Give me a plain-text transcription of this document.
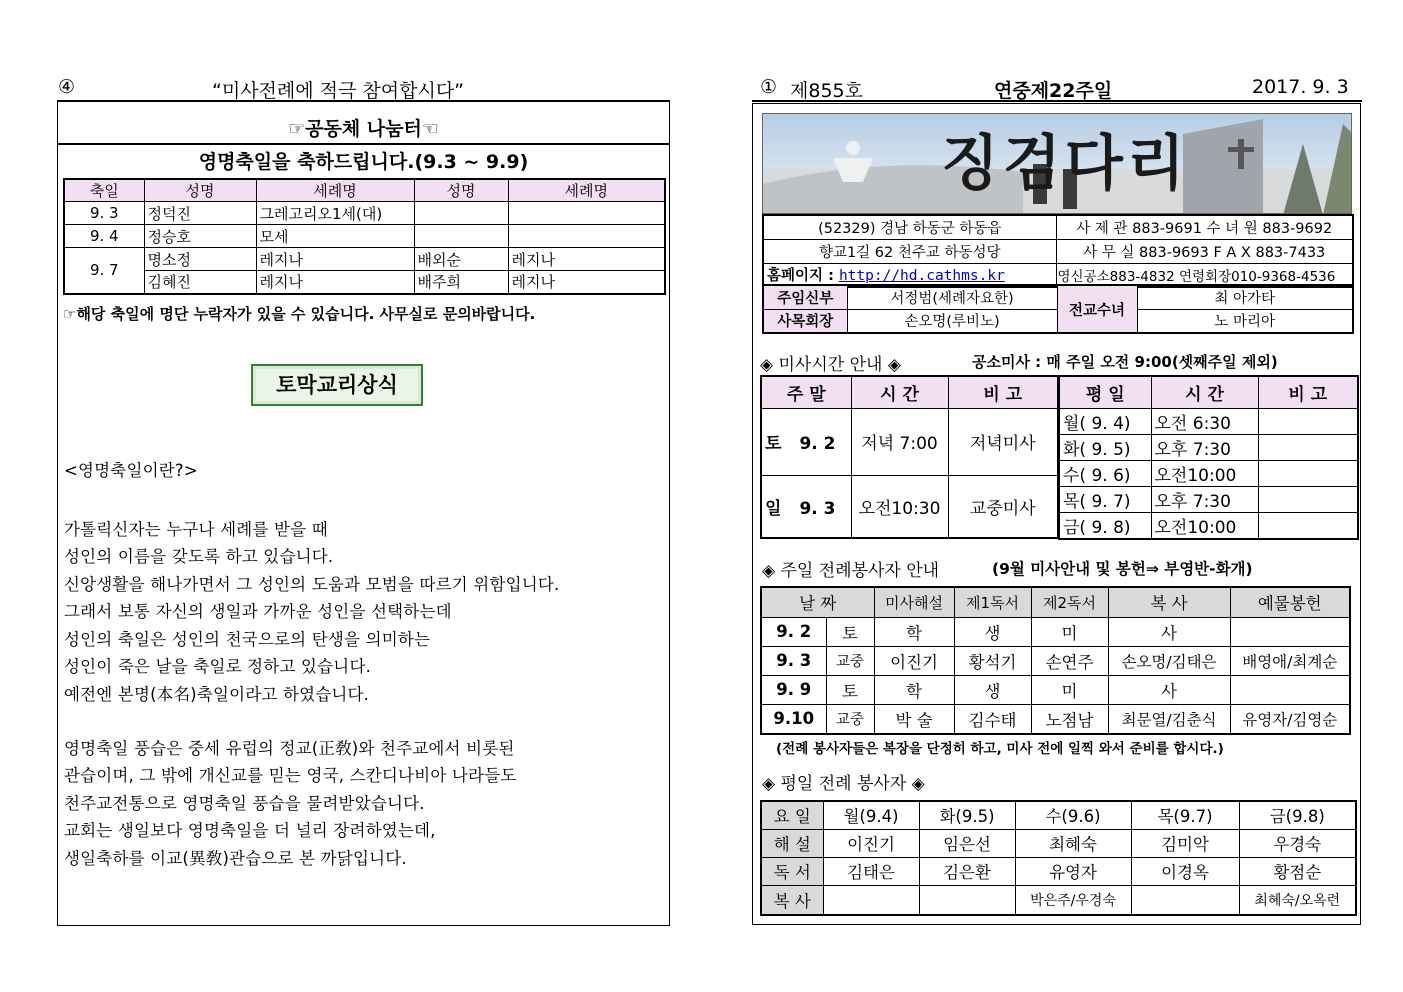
④	“미사전례에 적극 참여합시다”
☞공동체 나눔터☜
영명축일을 축하드립니다.(9.3 ~ 9.9)
축일	성명	세례명	성명	세례명
9. 3	정덕진	그레고리오1세(대)		
9. 4	정승호	모세		
9. 7	명소정	레지나	배외순	레지나
	김혜진	레지나	배주희	레지나
☞해당 축일에 명단 누락자가 있을 수 있습니다. 사무실로 문의바랍니다.
토막교리상식
<영명축일이란?>
가톨릭신자는 누구나 세례를 받을 때
성인의 이름을 갖도록 하고 있습니다.
신앙생활을 해나가면서 그 성인의 도움과 모범을 따르기 위함입니다.
그래서 보통 자신의 생일과 가까운 성인을 선택하는데
성인의 축일은 성인의 천국으로의 탄생을 의미하는
성인이 죽은 날을 축일로 정하고 있습니다.
예전엔 본명(本名)축일이라고 하였습니다.
영명축일 풍습은 중세 유럽의 정교(正敎)와 천주교에서 비롯된
관습이며, 그 밖에 개신교를 믿는 영국, 스칸디나비아 나라들도
천주교전통으로 영명축일 풍습을 물려받았습니다.
교회는 생일보다 영명축일을 더 널리 장려하였는데,
생일축하를 이교(異敎)관습으로 본 까닭입니다.
① 제855호	연중제22주일	2017. 9. 3
징검다리
(52329) 경남 하동군 하동읍	사 제 관 883-9691 수 녀 원 883-9692
향교1길 62 천주교 하동성당	사 무 실 883-9693 F A X 883-7433
홈페이지 : http://hd.cathms.kr	영신공소883-4832 연령회장010-9368-4536
주임신부	서정범(세례자요한)	전교수녀	최 아가타
사목회장	손오명(루비노)		노 마리아
◈ 미사시간 안내 ◈	공소미사 : 매 주일 오전 9:00(셋째주일 제외)
주 말	시 간	비 고
토 9. 2	저녁 7:00	저녁미사
일 9. 3	오전10:30	교중미사
평 일	시 간	비 고
월( 9. 4)	오전 6:30	
화( 9. 5)	오후 7:30	
수( 9. 6)	오전10:00	
목( 9. 7)	오후 7:30	
금( 9. 8)	오전10:00	
◈ 주일 전례봉사자 안내	(9월 미사안내 및 봉헌⇒ 부영반-화개)
날 짜		미사해설	제1독서	제2독서	복 사	예물봉헌
9. 2	토	학	생	미	사	
9. 3	교중	이진기	황석기	손연주	손오명/김태은	배영애/최계순
9. 9	토	학	생	미	사	
9.10	교중	박 술	김수태	노점남	최문열/김춘식	유영자/김영순
(전례 봉사자들은 복장을 단정히 하고, 미사 전에 일찍 와서 준비를 합시다.)
◈ 평일 전례 봉사자 ◈
요 일	월(9.4)	화(9.5)	수(9.6)	목(9.7)	금(9.8)
해 설	이진기	임은선	최혜숙	김미악	우경숙
독 서	김태은	김은환	유영자	이경옥	황점순
복 사			박은주/우경숙		최혜숙/오옥련
